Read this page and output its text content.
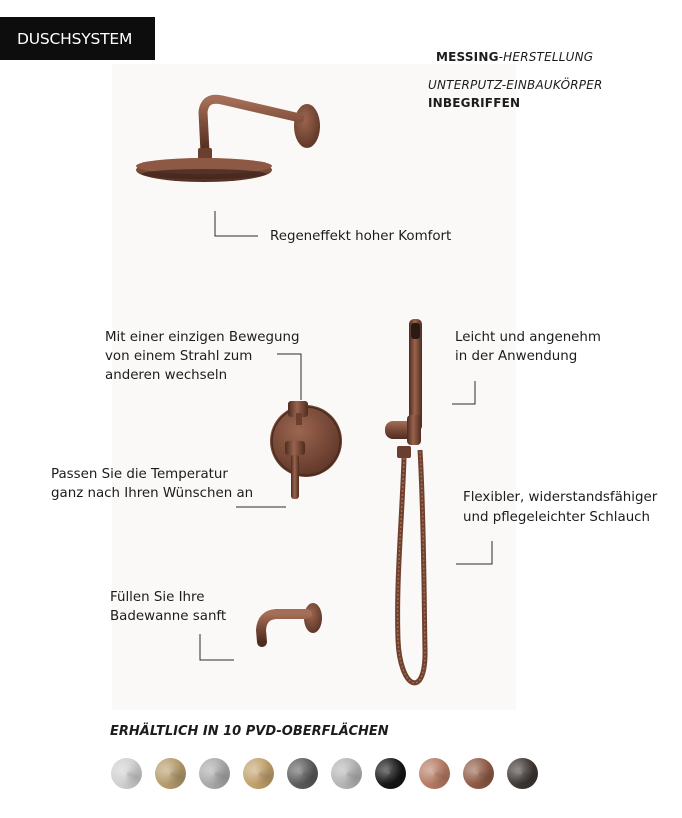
DUSCHSYSTEM
MESSING-HERSTELLUNG
UNTERPUTZ-EINBAUKÖRPER
INBEGRIFFEN
Regeneffekt hoher Komfort
Mit einer einzigen Bewegung
von einem Strahl zum
anderen wechseln
Passen Sie die Temperatur
ganz nach Ihren Wünschen an
Leicht und angenehm
in der Anwendung
Flexibler, widerstandsfähiger
und pflegeleichter Schlauch
Füllen Sie Ihre
Badewanne sanft
ERHÄLTLICH IN 10 PVD-OBERFLÄCHEN
